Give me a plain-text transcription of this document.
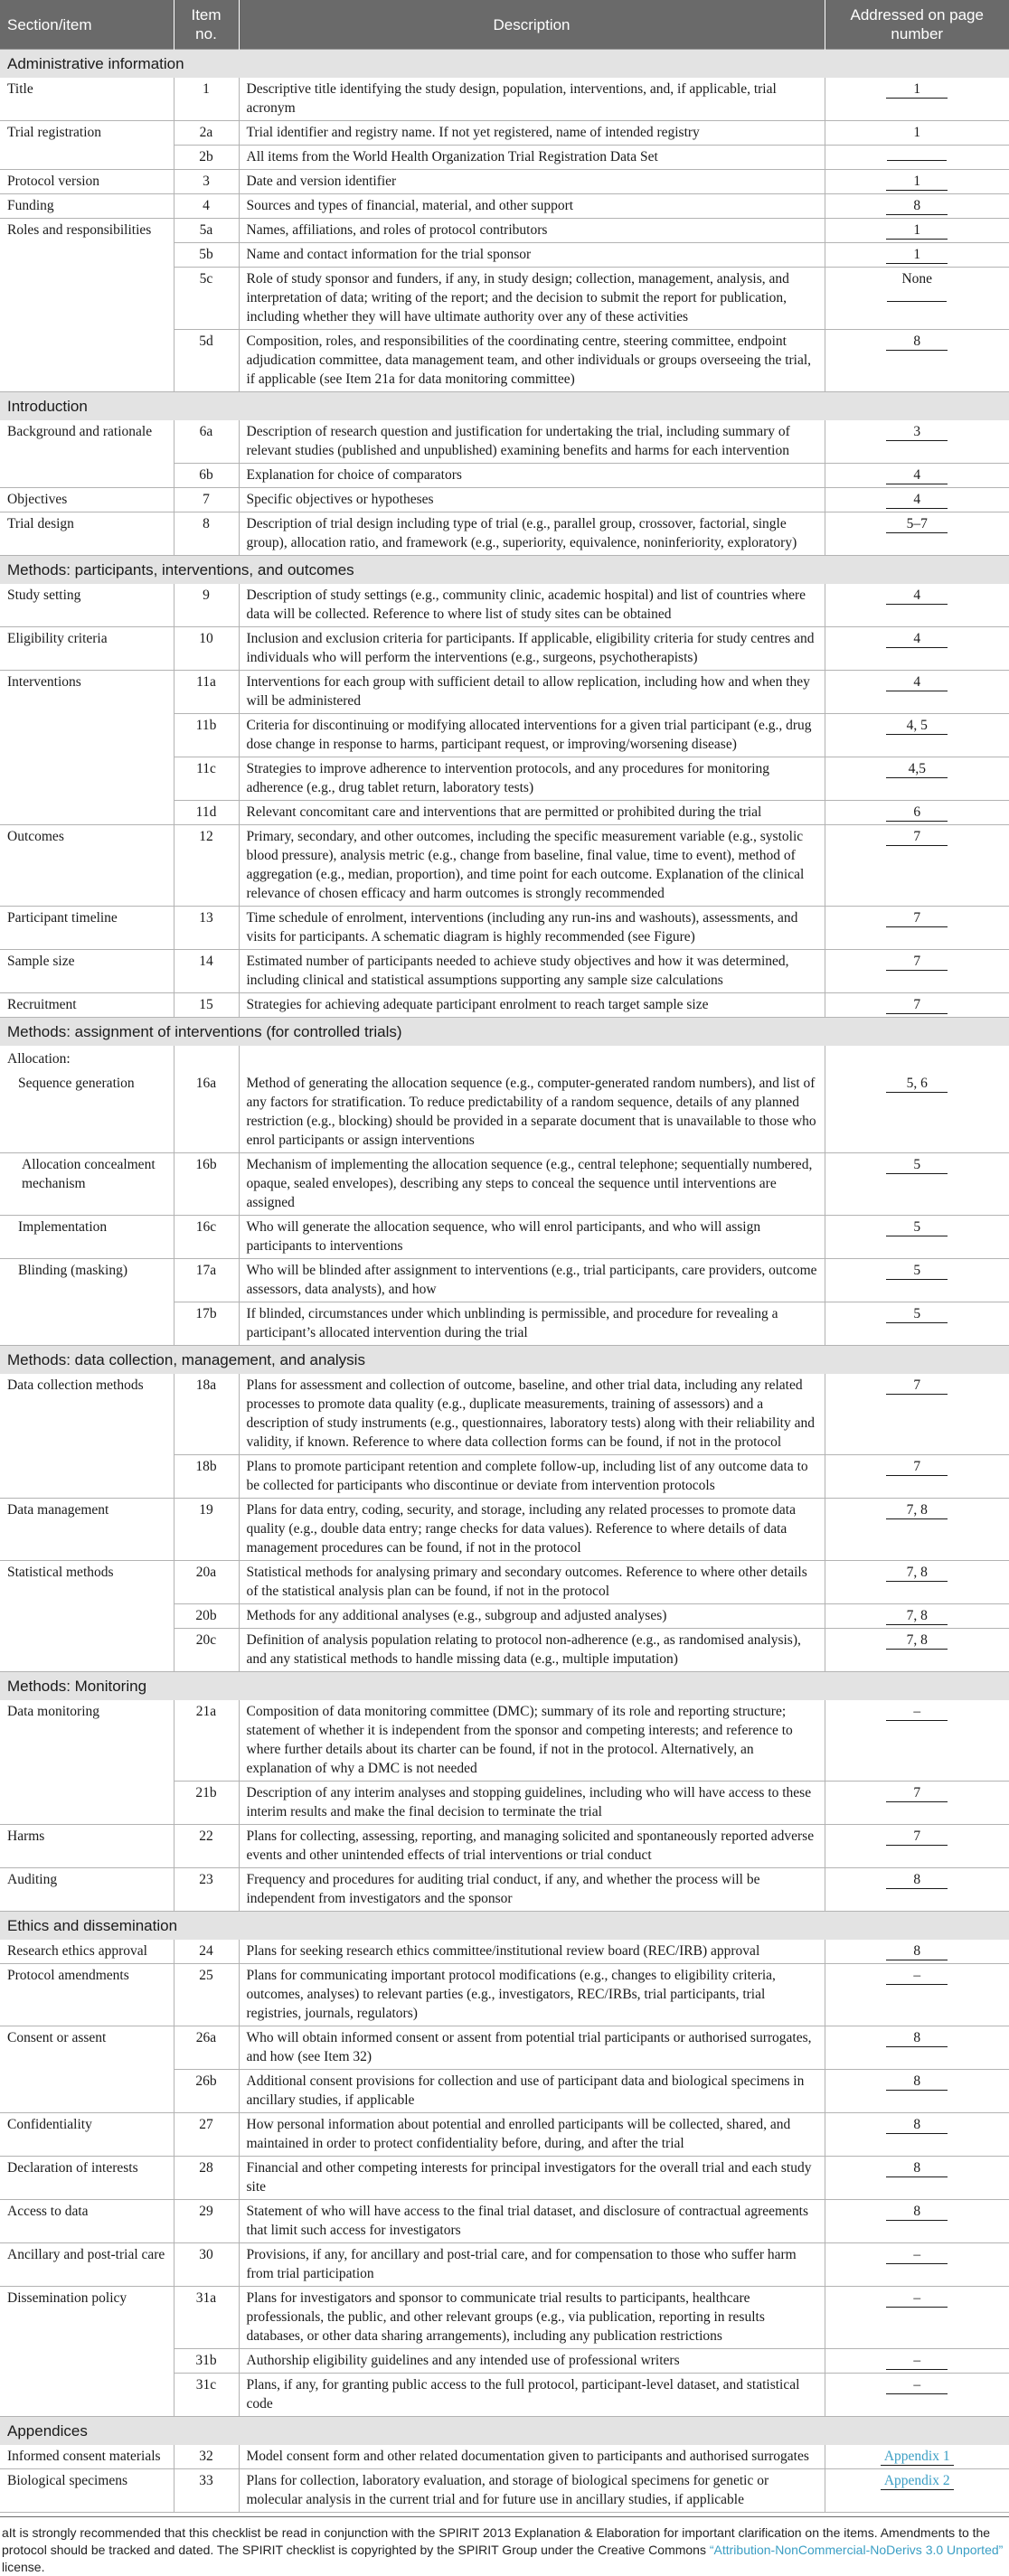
Section/item	Item no.	Description	Addressed on page number
Administrative information			
Title	1	Descriptive title identifying the study design, population, interventions, and, if applicable, trial acronym	1
Trial registration	2a	Trial identifier and registry name. If not yet registered, name of intended registry	1
	2b	All items from the World Health Organization Trial Registration Data Set	
Protocol version	3	Date and version identifier	1
Funding	4	Sources and types of financial, material, and other support	8
Roles and responsibilities	5a	Names, affiliations, and roles of protocol contributors	1
	5b	Name and contact information for the trial sponsor	1
	5c	Role of study sponsor and funders, if any, in study design; collection, management, analysis, and interpretation of data; writing of the report; and the decision to submit the report for publication, including whether they will have ultimate authority over any of these activities	None

	5d	Composition, roles, and responsibilities of the coordinating centre, steering committee, endpoint adjudication committee, data management team, and other individuals or groups overseeing the trial, if applicable (see Item 21a for data monitoring committee)	8
Introduction			
Background and rationale	6a	Description of research question and justification for undertaking the trial, including summary of relevant studies (published and unpublished) examining benefits and harms for each intervention	3
	6b	Explanation for choice of comparators	4
Objectives	7	Specific objectives or hypotheses	4
Trial design	8	Description of trial design including type of trial (e.g., parallel group, crossover, factorial, single group), allocation ratio, and framework (e.g., superiority, equivalence, noninferiority, exploratory)	5–7
Methods: participants, interventions, and outcomes			
Study setting	9	Description of study settings (e.g., community clinic, academic hospital) and list of countries where data will be collected. Reference to where list of study sites can be obtained	4
Eligibility criteria	10	Inclusion and exclusion criteria for participants. If applicable, eligibility criteria for study centres and individuals who will perform the interventions (e.g., surgeons, psychotherapists)	4
Interventions	11a	Interventions for each group with sufficient detail to allow replication, including how and when they will be administered	4
	11b	Criteria for discontinuing or modifying allocated interventions for a given trial participant (e.g., drug dose change in response to harms, participant request, or improving/worsening disease)	4, 5
	11c	Strategies to improve adherence to intervention protocols, and any procedures for monitoring adherence (e.g., drug tablet return, laboratory tests)	4,5
	11d	Relevant concomitant care and interventions that are permitted or prohibited during the trial	6
Outcomes	12	Primary, secondary, and other outcomes, including the specific measurement variable (e.g., systolic blood pressure), analysis metric (e.g., change from baseline, final value, time to event), method of aggregation (e.g., median, proportion), and time point for each outcome. Explanation of the clinical relevance of chosen efficacy and harm outcomes is strongly recommended	7
Participant timeline	13	Time schedule of enrolment, interventions (including any run-ins and washouts), assessments, and visits for participants. A schematic diagram is highly recommended (see Figure)	7
Sample size	14	Estimated number of participants needed to achieve study objectives and how it was determined, including clinical and statistical assumptions supporting any sample size calculations	7
Recruitment	15	Strategies for achieving adequate participant enrolment to reach target sample size	7
Methods: assignment of interventions (for controlled trials)			
Allocation:			
Sequence generation	16a	Method of generating the allocation sequence (e.g., computer-generated random numbers), and list of any factors for stratification. To reduce predictability of a random sequence, details of any planned restriction (e.g., blocking) should be provided in a separate document that is unavailable to those who enrol participants or assign interventions	5, 6
Allocation concealment mechanism	16b	Mechanism of implementing the allocation sequence (e.g., central telephone; sequentially numbered, opaque, sealed envelopes), describing any steps to conceal the sequence until interventions are assigned	5
Implementation	16c	Who will generate the allocation sequence, who will enrol participants, and who will assign participants to interventions	5
Blinding (masking)	17a	Who will be blinded after assignment to interventions (e.g., trial participants, care providers, outcome assessors, data analysts), and how	5
	17b	If blinded, circumstances under which unblinding is permissible, and procedure for revealing a participant’s allocated intervention during the trial	5
Methods: data collection, management, and analysis			
Data collection methods	18a	Plans for assessment and collection of outcome, baseline, and other trial data, including any related processes to promote data quality (e.g., duplicate measurements, training of assessors) and a description of study instruments (e.g., questionnaires, laboratory tests) along with their reliability and validity, if known. Reference to where data collection forms can be found, if not in the protocol	7
	18b	Plans to promote participant retention and complete follow-up, including list of any outcome data to be collected for participants who discontinue or deviate from intervention protocols	7
Data management	19	Plans for data entry, coding, security, and storage, including any related processes to promote data quality (e.g., double data entry; range checks for data values). Reference to where details of data management procedures can be found, if not in the protocol	7, 8
Statistical methods	20a	Statistical methods for analysing primary and secondary outcomes. Reference to where other details of the statistical analysis plan can be found, if not in the protocol	7, 8
	20b	Methods for any additional analyses (e.g., subgroup and adjusted analyses)	7, 8
	20c	Definition of analysis population relating to protocol non-adherence (e.g., as randomised analysis), and any statistical methods to handle missing data (e.g., multiple imputation)	7, 8
Methods: Monitoring			
Data monitoring	21a	Composition of data monitoring committee (DMC); summary of its role and reporting structure; statement of whether it is independent from the sponsor and competing interests; and reference to where further details about its charter can be found, if not in the protocol. Alternatively, an explanation of why a DMC is not needed	–
	21b	Description of any interim analyses and stopping guidelines, including who will have access to these interim results and make the final decision to terminate the trial	7
Harms	22	Plans for collecting, assessing, reporting, and managing solicited and spontaneously reported adverse events and other unintended effects of trial interventions or trial conduct	7
Auditing	23	Frequency and procedures for auditing trial conduct, if any, and whether the process will be independent from investigators and the sponsor	8
Ethics and dissemination			
Research ethics approval	24	Plans for seeking research ethics committee/institutional review board (REC/IRB) approval	8
Protocol amendments	25	Plans for communicating important protocol modifications (e.g., changes to eligibility criteria, outcomes, analyses) to relevant parties (e.g., investigators, REC/IRBs, trial participants, trial registries, journals, regulators)	–
Consent or assent	26a	Who will obtain informed consent or assent from potential trial participants or authorised surrogates, and how (see Item 32)	8
	26b	Additional consent provisions for collection and use of participant data and biological specimens in ancillary studies, if applicable	8
Confidentiality	27	How personal information about potential and enrolled participants will be collected, shared, and maintained in order to protect confidentiality before, during, and after the trial	8
Declaration of interests	28	Financial and other competing interests for principal investigators for the overall trial and each study site	8
Access to data	29	Statement of who will have access to the final trial dataset, and disclosure of contractual agreements that limit such access for investigators	8
Ancillary and post-trial care	30	Provisions, if any, for ancillary and post-trial care, and for compensation to those who suffer harm from trial participation	–
Dissemination policy	31a	Plans for investigators and sponsor to communicate trial results to participants, healthcare professionals, the public, and other relevant groups (e.g., via publication, reporting in results databases, or other data sharing arrangements), including any publication restrictions	–
	31b	Authorship eligibility guidelines and any intended use of professional writers	–
	31c	Plans, if any, for granting public access to the full protocol, participant-level dataset, and statistical code	–
Appendices			
Informed consent materials	32	Model consent form and other related documentation given to participants and authorised surrogates	Appendix 1
Biological specimens	33	Plans for collection, laboratory evaluation, and storage of biological specimens for genetic or molecular analysis in the current trial and for future use in ancillary studies, if applicable	Appendix 2
aIt is strongly recommended that this checklist be read in conjunction with the SPIRIT 2013 Explanation & Elaboration for important clarification on the items. Amendments to the protocol should be tracked and dated. The SPIRIT checklist is copyrighted by the SPIRIT Group under the Creative Commons “Attribution-NonCommercial-NoDerivs 3.0 Unported” license.
